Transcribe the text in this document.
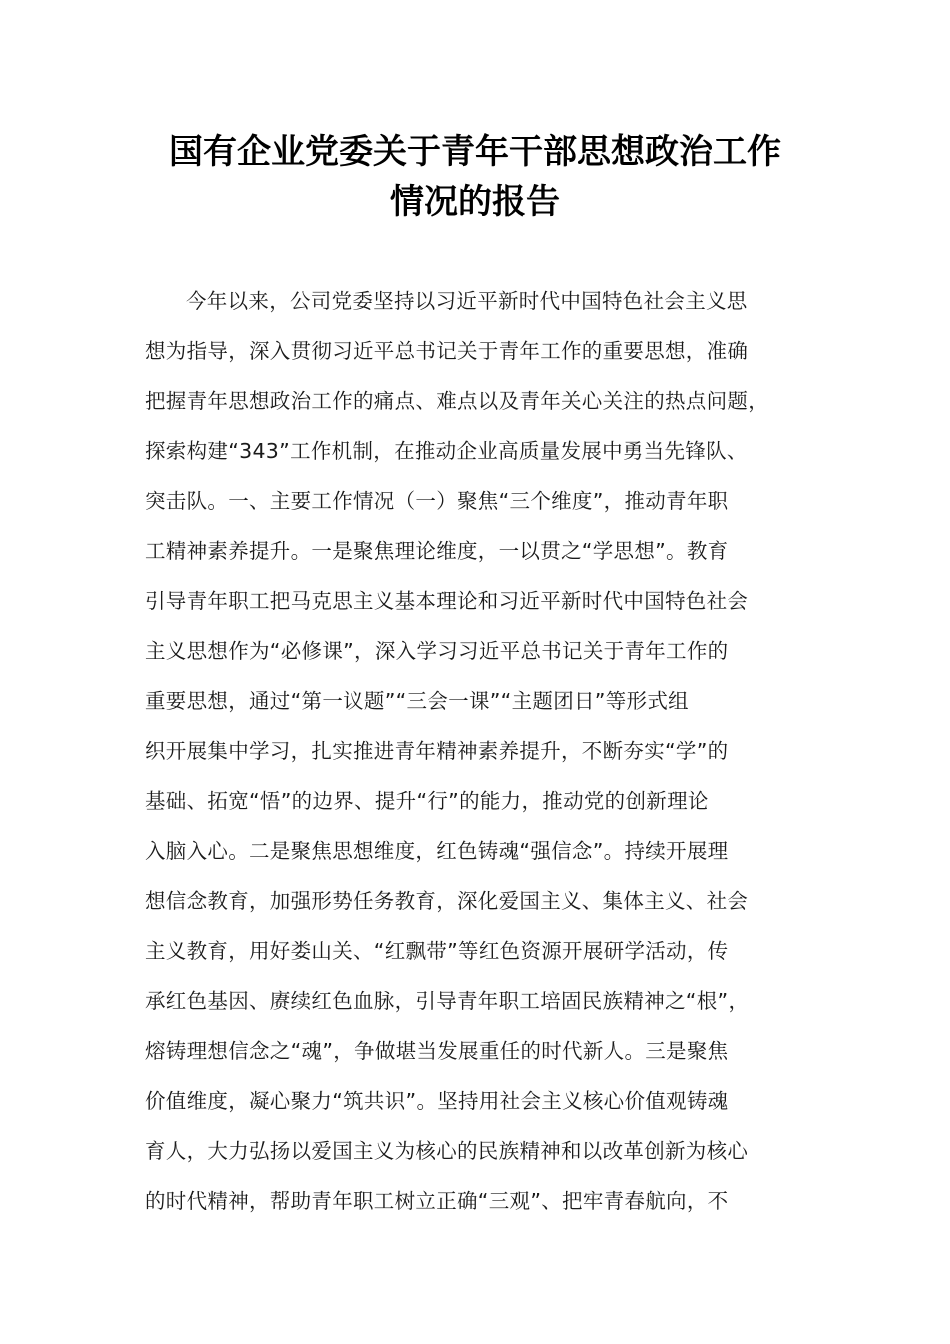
国有企业党委关于青年干部思想政治工作
情况的报告
今年以来，公司党委坚持以习近平新时代中国特色社会主义思
想为指导，深入贯彻习近平总书记关于青年工作的重要思想，准确
把握青年思想政治工作的痛点、难点以及青年关心关注的热点问题，
探索构建“343”工作机制，在推动企业高质量发展中勇当先锋队、
突击队。一、主要工作情况（一）聚焦“三个维度”，推动青年职
工精神素养提升。一是聚焦理论维度，一以贯之“学思想”。教育
引导青年职工把马克思主义基本理论和习近平新时代中国特色社会
主义思想作为“必修课”，深入学习习近平总书记关于青年工作的
重要思想，通过“第一议题”“三会一课”“主题团日”等形式组
织开展集中学习，扎实推进青年精神素养提升，不断夯实“学”的
基础、拓宽“悟”的边界、提升“行”的能力，推动党的创新理论
入脑入心。二是聚焦思想维度，红色铸魂“强信念”。持续开展理
想信念教育，加强形势任务教育，深化爱国主义、集体主义、社会
主义教育，用好娄山关、“红飘带”等红色资源开展研学活动，传
承红色基因、赓续红色血脉，引导青年职工培固民族精神之“根”，
熔铸理想信念之“魂”，争做堪当发展重任的时代新人。三是聚焦
价值维度，凝心聚力“筑共识”。坚持用社会主义核心价值观铸魂
育人，大力弘扬以爱国主义为核心的民族精神和以改革创新为核心
的时代精神，帮助青年职工树立正确“三观”、把牢青春航向，不
